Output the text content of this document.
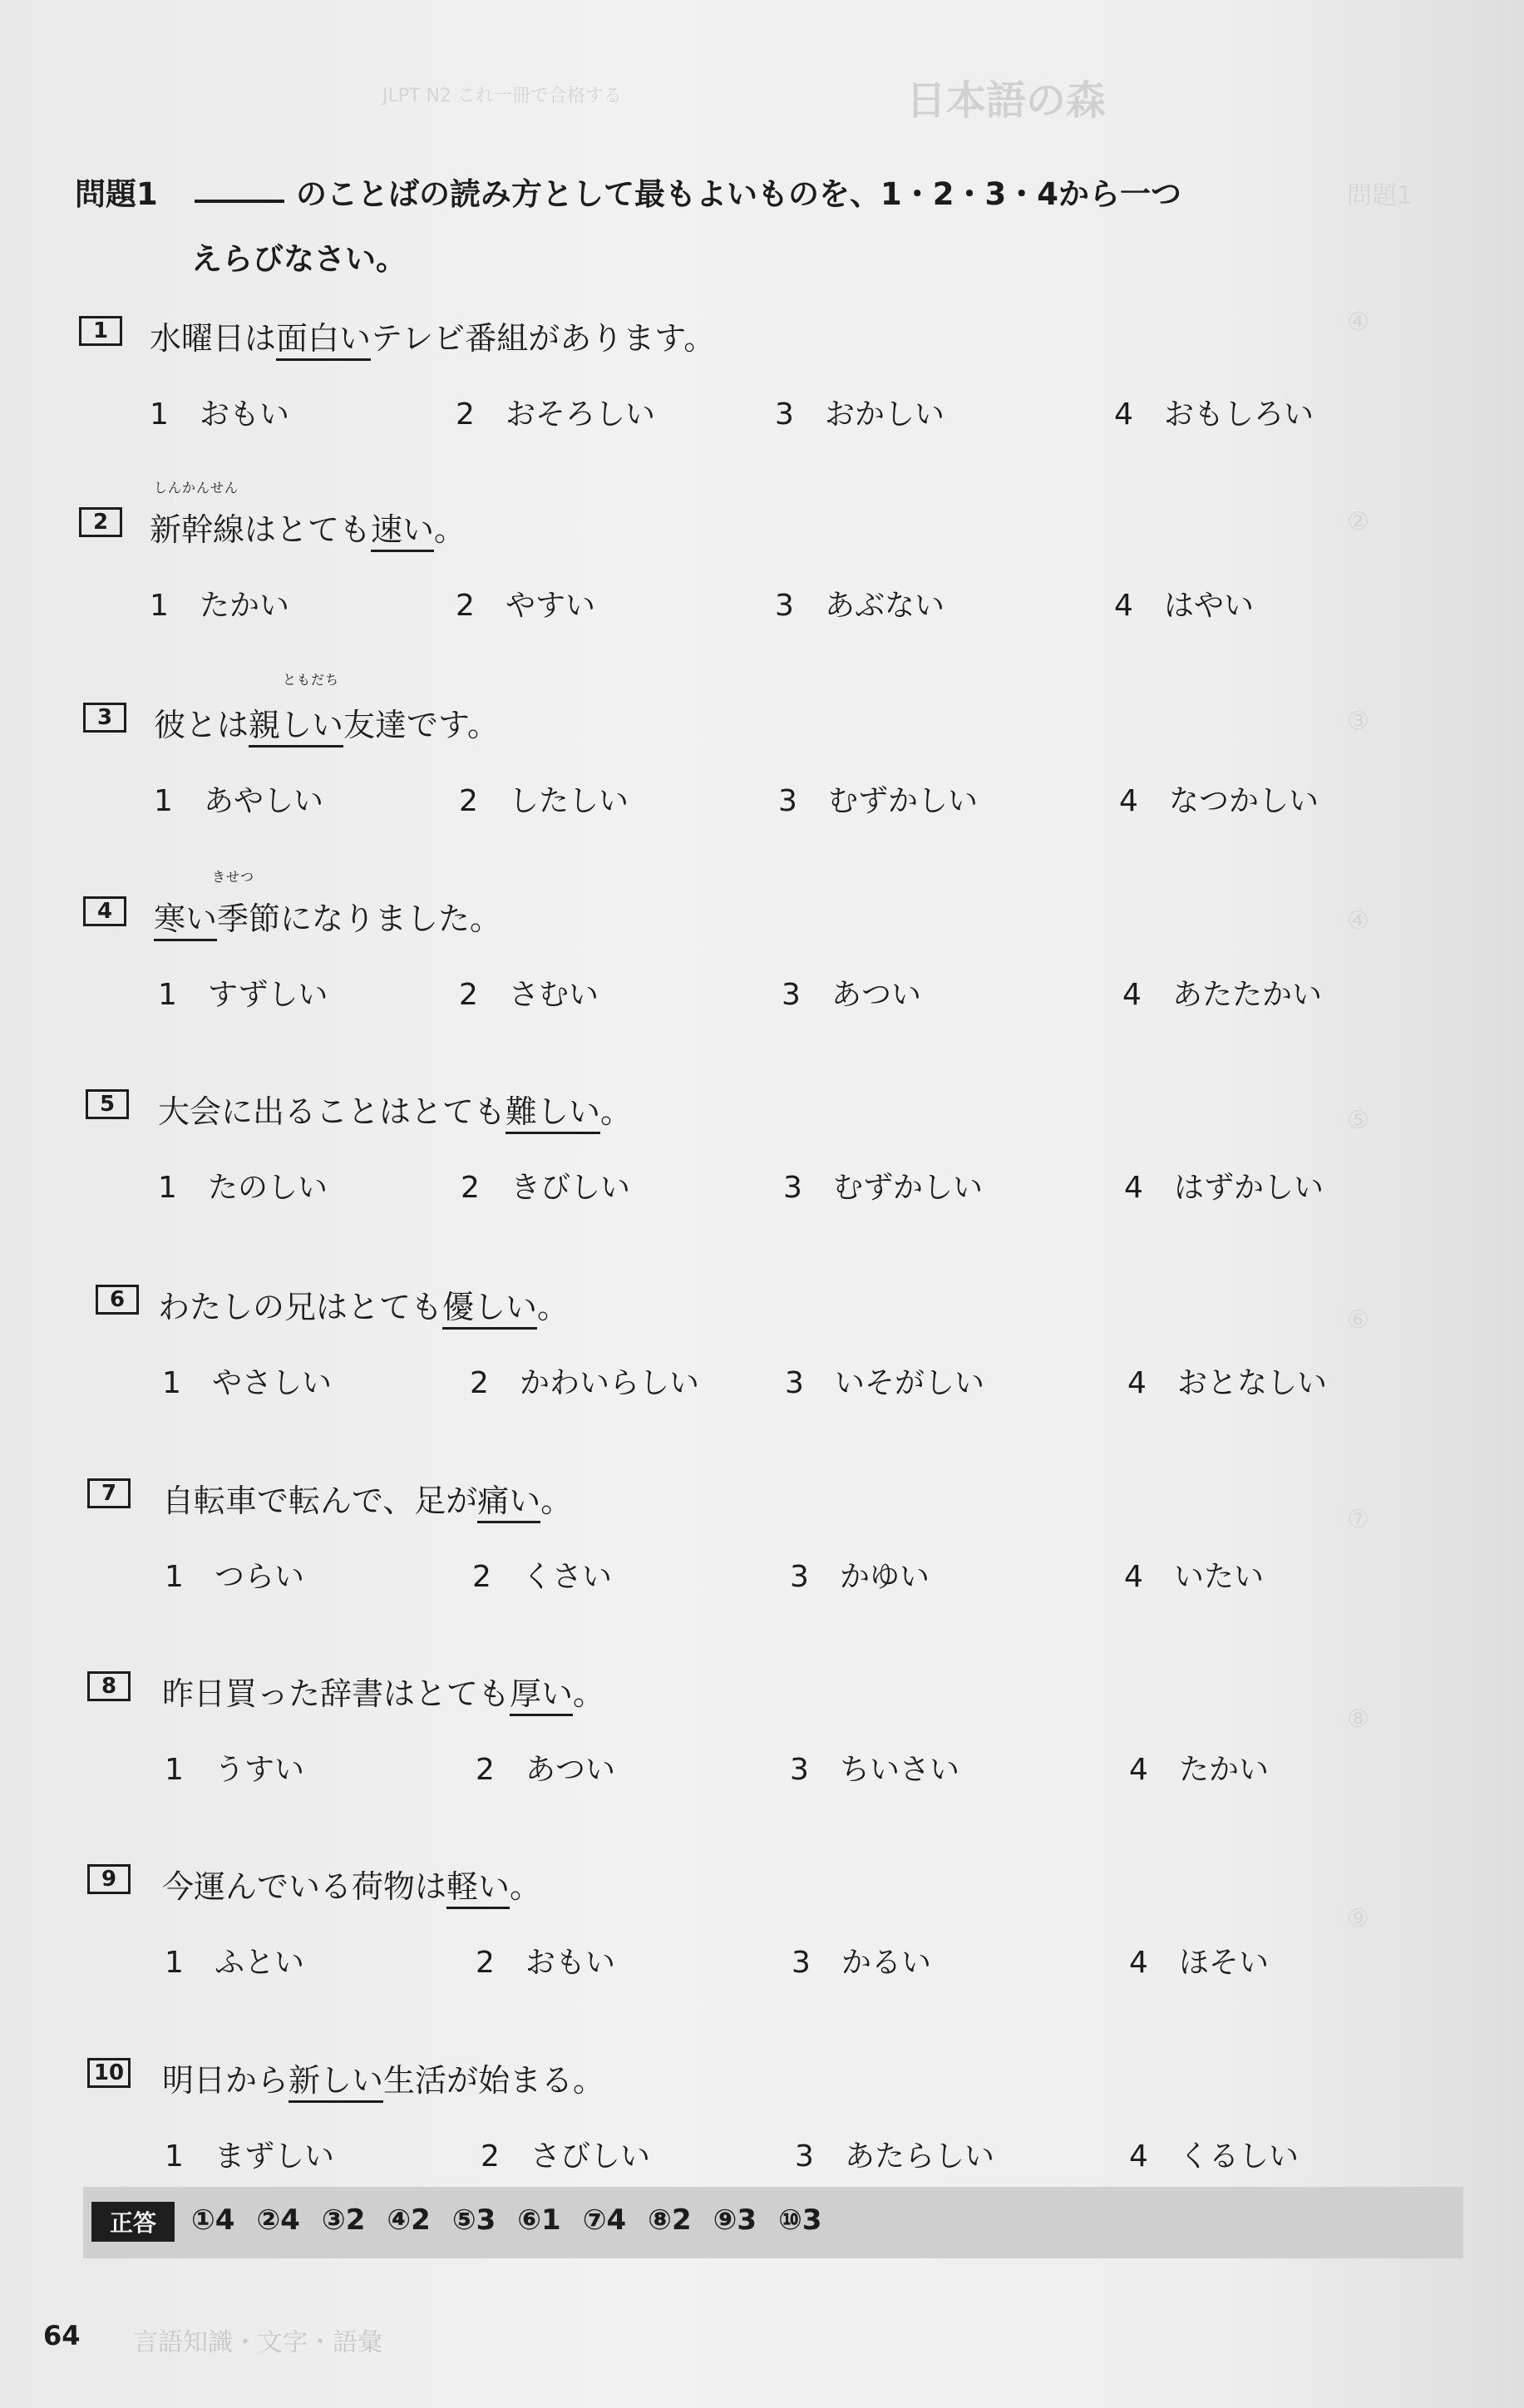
JLPT N2 これ一冊で合格する	日本語の森
問題1
④
②
③
④
⑤
⑥
⑦
⑧
⑨
問題1	のことばの読み方として最もよいものを、1・2・3・4から一つ
えらびなさい。
1	水曜日は面白いテレビ番組があります。
1 おもい	2 おそろしい	3 おかしい	4 おもしろい
2	新幹線はとても速い。
しんかんせん
1 たかい	2 やすい	3 あぶない	4 はやい
3	彼とは親しい友達です。
ともだち
1 あやしい	2 したしい	3 むずかしい	4 なつかしい
4	寒い季節になりました。
きせつ
1 すずしい	2 さむい	3 あつい	4 あたたかい
5	大会に出ることはとても難しい。
1 たのしい	2 きびしい	3 むずかしい	4 はずかしい
6	わたしの兄はとても優しい。
1 やさしい	2 かわいらしい	3 いそがしい	4 おとなしい
7	自転車で転んで、足が痛い。
1 つらい	2 くさい	3 かゆい	4 いたい
8	昨日買った辞書はとても厚い。
1 うすい	2 あつい	3 ちいさい	4 たかい
9	今運んでいる荷物は軽い。
1 ふとい	2 おもい	3 かるい	4 ほそい
10 明日から新しい生活が始まる。
1 まずしい	2 さびしい	3 あたらしい	4 くるしい
正答	①4 ②4 ③2 ④2 ⑤3 ⑥1 ⑦4 ⑧2 ⑨3 ⑩3
64 言語知識・文字・語彙
